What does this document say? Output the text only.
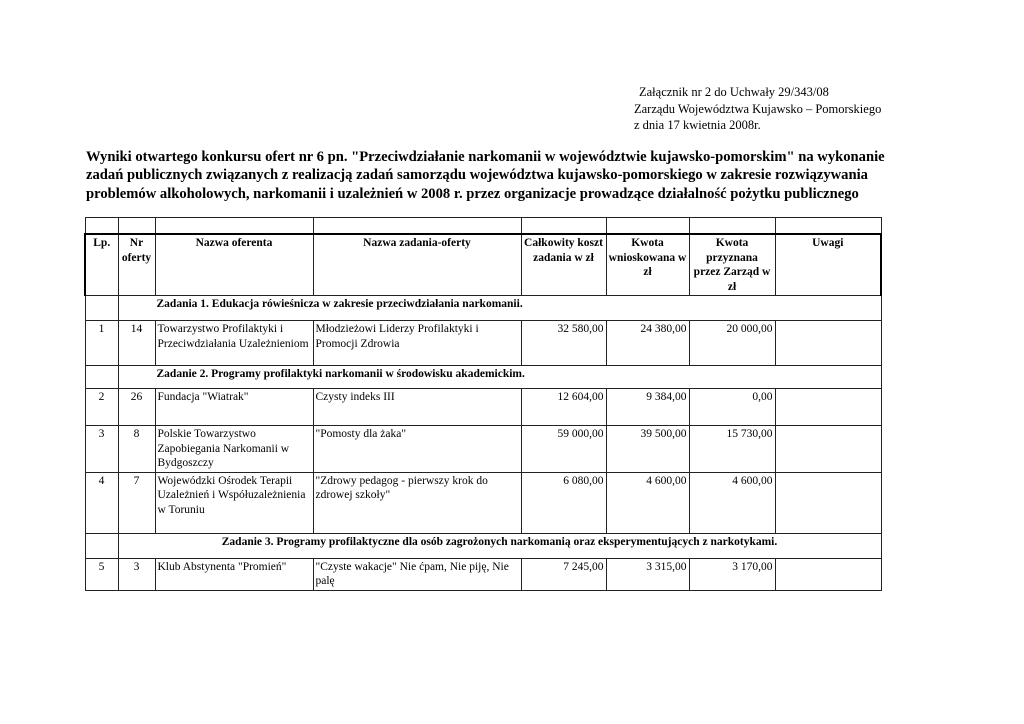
Załącznik nr 2 do Uchwały 29/343/08
Zarządu Województwa Kujawsko – Pomorskiego
z dnia 17 kwietnia 2008r.
Wyniki otwartego konkursu ofert nr 6 pn. "Przeciwdziałanie narkomanii w województwie kujawsko-pomorskim" na wykonanie zadań publicznych związanych z realizacją zadań samorządu województwa kujawsko-pomorskiego w zakresie rozwiązywania problemów alkoholowych, narkomanii i uzależnień w 2008 r. przez organizacje prowadzące działalność pożytku publicznego

Lp.	Nr oferty	Nazwa oferenta	Nazwa zadania-oferty	Całkowity koszt zadania w zł	Kwota wnioskowana w zł	Kwota przyznana przez Zarząd w zł	Uwagi
	Zadania 1. Edukacja rówieśnicza w zakresie przeciwdziałania narkomanii.						
1	14	Towarzystwo Profilaktyki i Przeciwdziałania Uzależnieniom	Młodzieżowi Liderzy Profilaktyki i Promocji Zdrowia	32 580,00	24 380,00	20 000,00	
	Zadanie 2. Programy profilaktyki narkomanii w środowisku akademickim.						
2	26	Fundacja "Wiatrak"	Czysty indeks III	12 604,00	9 384,00	0,00	
3	8	Polskie Towarzystwo Zapobiegania Narkomanii w Bydgoszczy	"Pomosty dla żaka"	59 000,00	39 500,00	15 730,00	
4	7	Wojewódzki Ośrodek Terapii Uzależnień i Współuzależnienia w Toruniu	"Zdrowy pedagog - pierwszy krok do zdrowej szkoły"	6 080,00	4 600,00	4 600,00	
	Zadanie 3. Programy profilaktyczne dla osób zagrożonych narkomanią oraz eksperymentujących z narkotykami.						
5	3	Klub Abstynenta "Promień"	"Czyste wakacje" Nie ćpam, Nie piję, Nie palę	7 245,00	3 315,00	3 170,00	
